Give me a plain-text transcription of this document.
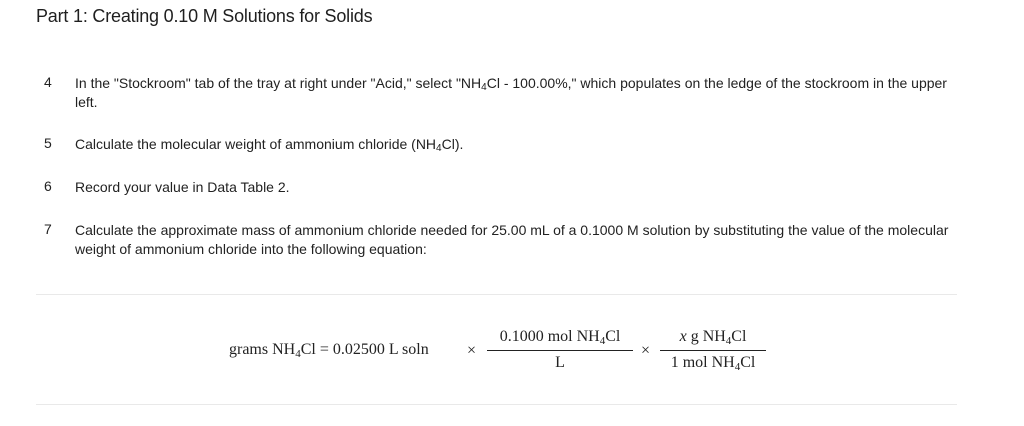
Part 1: Creating 0.10 M Solutions for Solids
4 In the "Stockroom" tab of the tray at right under "Acid," select "$NH_4Cl - 100.00\%$," which populates on the ledge of the stockroom in the upper left.
5 Calculate the molecular weight of ammonium chloride $(NH_4Cl)$.
6 Record your value in Data Table 2.
7 Calculate the approximate mass of ammonium chloride needed for 25.00 mL of a 0.1000 M solution by substituting the value of the molecular weight of ammonium chloride into the following equation:
grams $NH_4Cl = 0.02500$ L soln ×
0.1000 mol $NH_4Cl$
L
×
x g $NH_4Cl$
1 mol $NH_4Cl$
